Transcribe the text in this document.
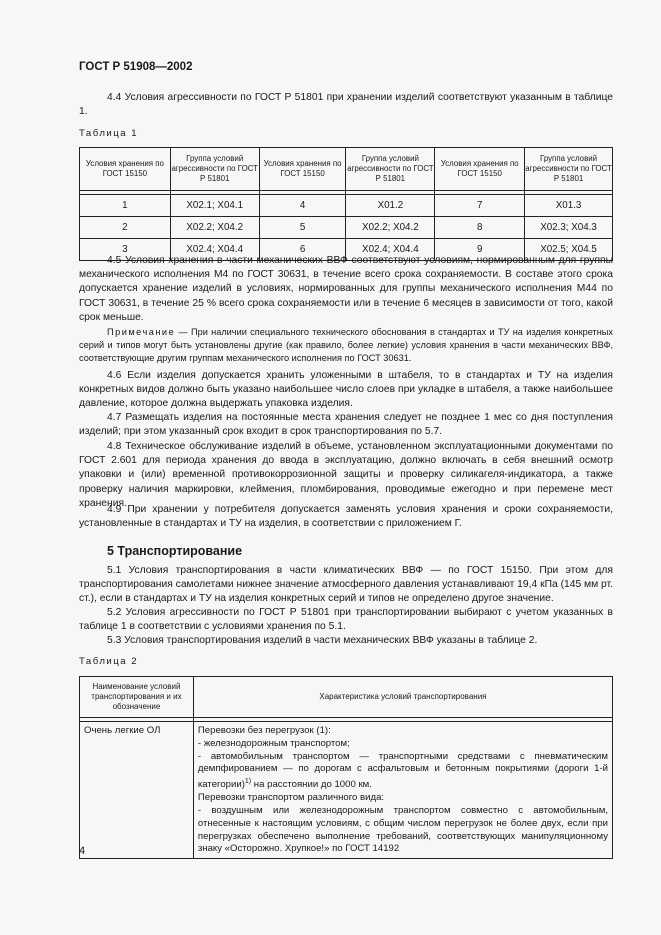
ГОСТ Р 51908—2002
4.4 Условия агрессивности по ГОСТ Р 51801 при хранении изделий соответствуют указанным в таблице 1.
Таблица 1
Условия хранения по ГОСТ 15150	Группа условий агрессивности по ГОСТ Р 51801	Условия хранения по ГОСТ 15150	Группа условий агрессивности по ГОСТ Р 51801	Условия хранения по ГОСТ 15150	Группа условий агрессивности по ГОСТ Р 51801

1	Х02.1; Х04.1	4	Х01.2	7	Х01.3
2	Х02.2; Х04.2	5	Х02.2; Х04.2	8	Х02.3; Х04.3
3	Х02.4; Х04.4	6	Х02.4; Х04.4	9	Х02.5; Х04.5
4.5 Условия хранения в части механических ВВФ соответствуют условиям, нормированным для группы механического исполнения М4 по ГОСТ 30631, в течение всего срока сохраняемости. В составе этого срока допускается хранение изделий в условиях, нормированных для группы механического исполнения М44 по ГОСТ 30631, в течение 25 % всего срока сохраняемости или в течение 6 месяцев в зависимости от того, какой срок меньше.
Примечание — При наличии специального технического обоснования в стандартах и ТУ на изделия конкретных серий и типов могут быть установлены другие (как правило, более легкие) условия хранения в части механических ВВФ, соответствующие другим группам механического исполнения по ГОСТ 30631.
4.6 Если изделия допускается хранить уложенными в штабеля, то в стандартах и ТУ на изделия конкретных видов должно быть указано наибольшее число слоев при укладке в штабеля, а также наибольшее давление, которое должна выдержать упаковка изделия.
4.7 Размещать изделия на постоянные места хранения следует не позднее 1 мес со дня поступления изделий; при этом указанный срок входит в срок транспортирования по 5.7.
4.8 Техническое обслуживание изделий в объеме, установленном эксплуатационными документами по ГОСТ 2.601 для периода хранения до ввода в эксплуатацию, должно включать в себя внешний осмотр упаковки и (или) временной противокоррозионной защиты и проверку силикагеля-индикатора, а также проверку наличия маркировки, клеймения, пломбирования, проводимые ежегодно и при перемене мест хранения.
4.9 При хранении у потребителя допускается заменять условия хранения и сроки сохраняемости, установленные в стандартах и ТУ на изделия, в соответствии с приложением Г.
5 Транспортирование
5.1 Условия транспортирования в части климатических ВВФ — по ГОСТ 15150. При этом для транспортирования самолетами нижнее значение атмосферного давления устанавливают 19,4 кПа (145 мм рт. ст.), если в стандартах и ТУ на изделия конкретных серий и типов не определено другое значение.
5.2 Условия агрессивности по ГОСТ Р 51801 при транспортировании выбирают с учетом указанных в таблице 1 в соответствии с условиями хранения по 5.1.
5.3 Условия транспортирования изделий в части механических ВВФ указаны в таблице 2.
Таблица 2
Наименование условий транспортирования и их обозначение	Характеристика условий транспортирования

Очень легкие ОЛ	Перевозки без перегрузок (1):
- железнодорожным транспортом;
- автомобильным транспортом — транспортными средствами с пневматическим демпфированием — по дорогам с асфальтовым и бетонным покрытиями (дороги 1-й категории)$^{1)}$ на расстоянии до 1000 км.
Перевозки транспортом различного вида:
- воздушным или железнодорожным транспортом совместно с автомобильным, отнесенные к настоящим условиям, с общим числом перегрузок не более двух, если при перегрузках обеспечено выполнение требований, соответствующих манипуляционному знаку «Осторожно. Хрупкое!» по ГОСТ 14192
4
